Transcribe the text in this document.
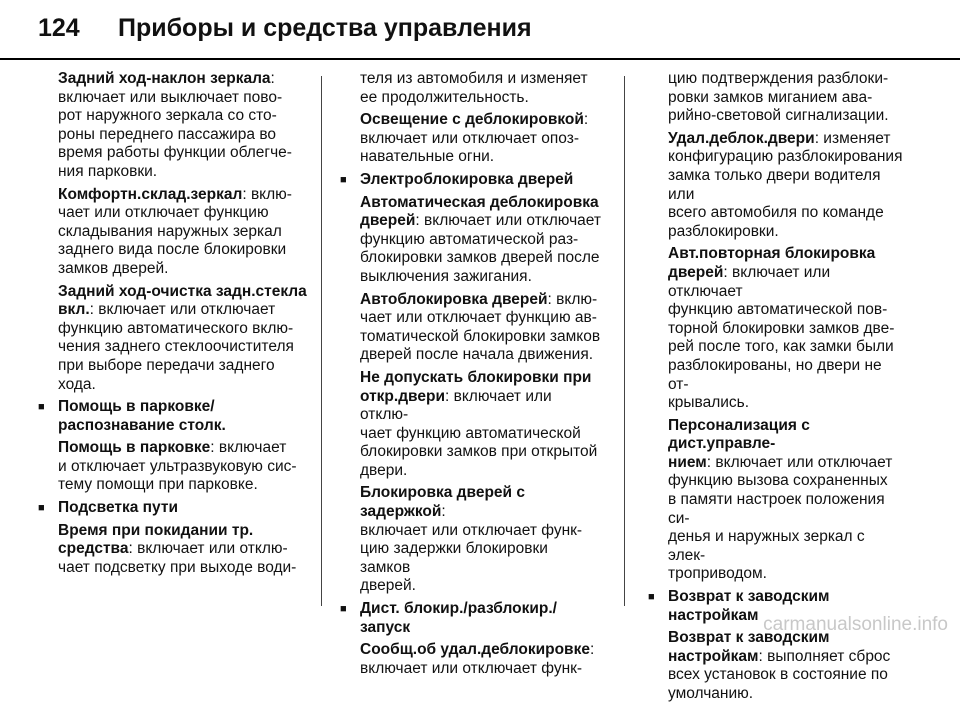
124 Приборы и средства управления
Задний ход-наклон зеркала:
включает или выключает пово-
рот наружного зеркала со сто-
роны переднего пассажира во
время работы функции облегче-
ния парковки.
Комфортн.склад.зеркал: вклю-
чает или отключает функцию
складывания наружных зеркал
заднего вида после блокировки
замков дверей.
Задний ход-очистка задн.стекла
вкл.: включает или отключает
функцию автоматического вклю-
чения заднего стеклоочистителя
при выборе передачи заднего
хода.
■ Помощь в парковке/
распознавание столк.
Помощь в парковке: включает
и отключает ультразвуковую сис-
тему помощи при парковке.
■ Подсветка пути
Время при покидании тр.
средства: включает или отклю-
чает подсветку при выходе води-
теля из автомобиля и изменяет
ее продолжительность.
Освещение с деблокировкой:
включает или отключает опоз-
навательные огни.
■ Электроблокировка дверей
Автоматическая деблокировка
дверей: включает или отключает
функцию автоматической раз-
блокировки замков дверей после
выключения зажигания.
Автоблокировка дверей: вклю-
чает или отключает функцию ав-
томатической блокировки замков
дверей после начала движения.
Не допускать блокировки при
откр.двери: включает или отклю-
чает функцию автоматической
блокировки замков при открытой
двери.
Блокировка дверей с задержкой:
включает или отключает функ-
цию задержки блокировки замков
дверей.
■ Дист. блокир./разблокир./запуск
Сообщ.об удал.деблокировке:
включает или отключает функ-
цию подтверждения разблоки-
ровки замков миганием ава-
рийно-световой сигнализации.
Удал.деблок.двери: изменяет
конфигурацию разблокирования
замка только двери водителя или
всего автомобиля по команде
разблокировки.
Авт.повторная блокировка
дверей: включает или отключает
функцию автоматической пов-
торной блокировки замков две-
рей после того, как замки были
разблокированы, но двери не от-
крывались.
Персонализация с дист.управле-
нием: включает или отключает
функцию вызова сохраненных
в памяти настроек положения си-
денья и наружных зеркал с элек-
троприводом.
■ Возврат к заводским настройкам
Возврат к заводским
настройкам: выполняет сброс
всех установок в состояние по
умолчанию.
carmanualsonline.info
